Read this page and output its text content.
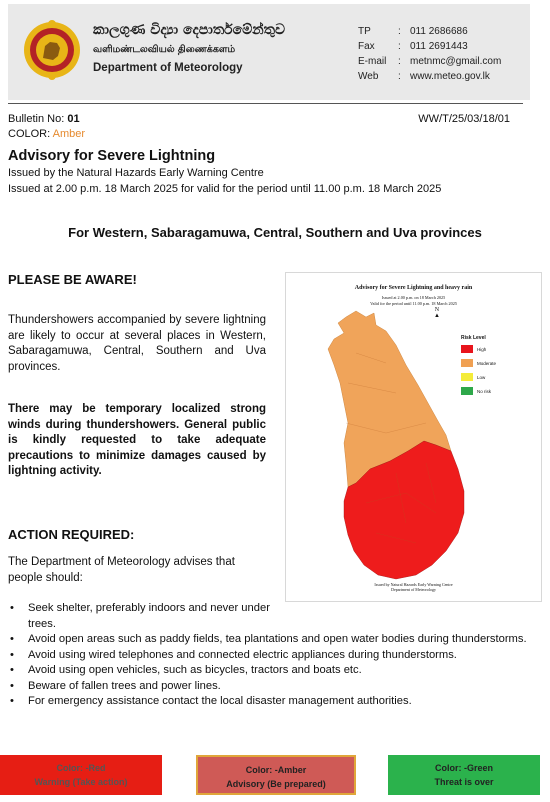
කාලගුණ විද්‍යා දෙපාර්තමේන්තුව
வளிமண்டலவியல் திணைக்களம்
Department of Meteorology
TP	: 011 2686686
Fax	: 011 2691443
E-mail	: metnmc@gmail.com
Web	: www.meteo.gov.lk
Bulletin No: 01	WW/T/25/03/18/01
COLOR: Amber
Advisory for Severe Lightning
Issued by the Natural Hazards Early Warning Centre
Issued at 2.00 p.m. 18 March 2025 for valid for the period until 11.00 p.m. 18 March 2025
For Western, Sabaragamuwa, Central, Southern and Uva provinces
PLEASE BE AWARE!
Thundershowers accompanied by severe lightning are likely to occur at several places in Western, Sabaragamuwa, Central, Southern and Uva provinces.
There may be temporary localized strong winds during thundershowers. General public is kindly requested to take adequate precautions to minimize damages caused by lightning activity.
ACTION REQUIRED:
The Department of Meteorology advises that people should:
• Seek shelter, preferably indoors and never under trees.
• Avoid open areas such as paddy fields, tea plantations and open water bodies during thunderstorms.
• Avoid using wired telephones and connected electric appliances during thunderstorms.
• Avoid using open vehicles, such as bicycles, tractors and boats etc.
• Beware of fallen trees and power lines.
• For emergency assistance contact the local disaster management authorities.
Advisory for Severe Lightning and heavy rain
Issued at 2.00 p.m. on 18 March 2025
Valid for the period until 11.00 p.m. 18 March 2025
N
▲
Risk Level
High
Moderate
Low
No risk
Issued by Natural Hazards Early Warning Centre
Department of Meteorology
Color: -Red
Warning (Take action)
Color: -Amber
Advisory (Be prepared)
Color: -Green
Threat is over
